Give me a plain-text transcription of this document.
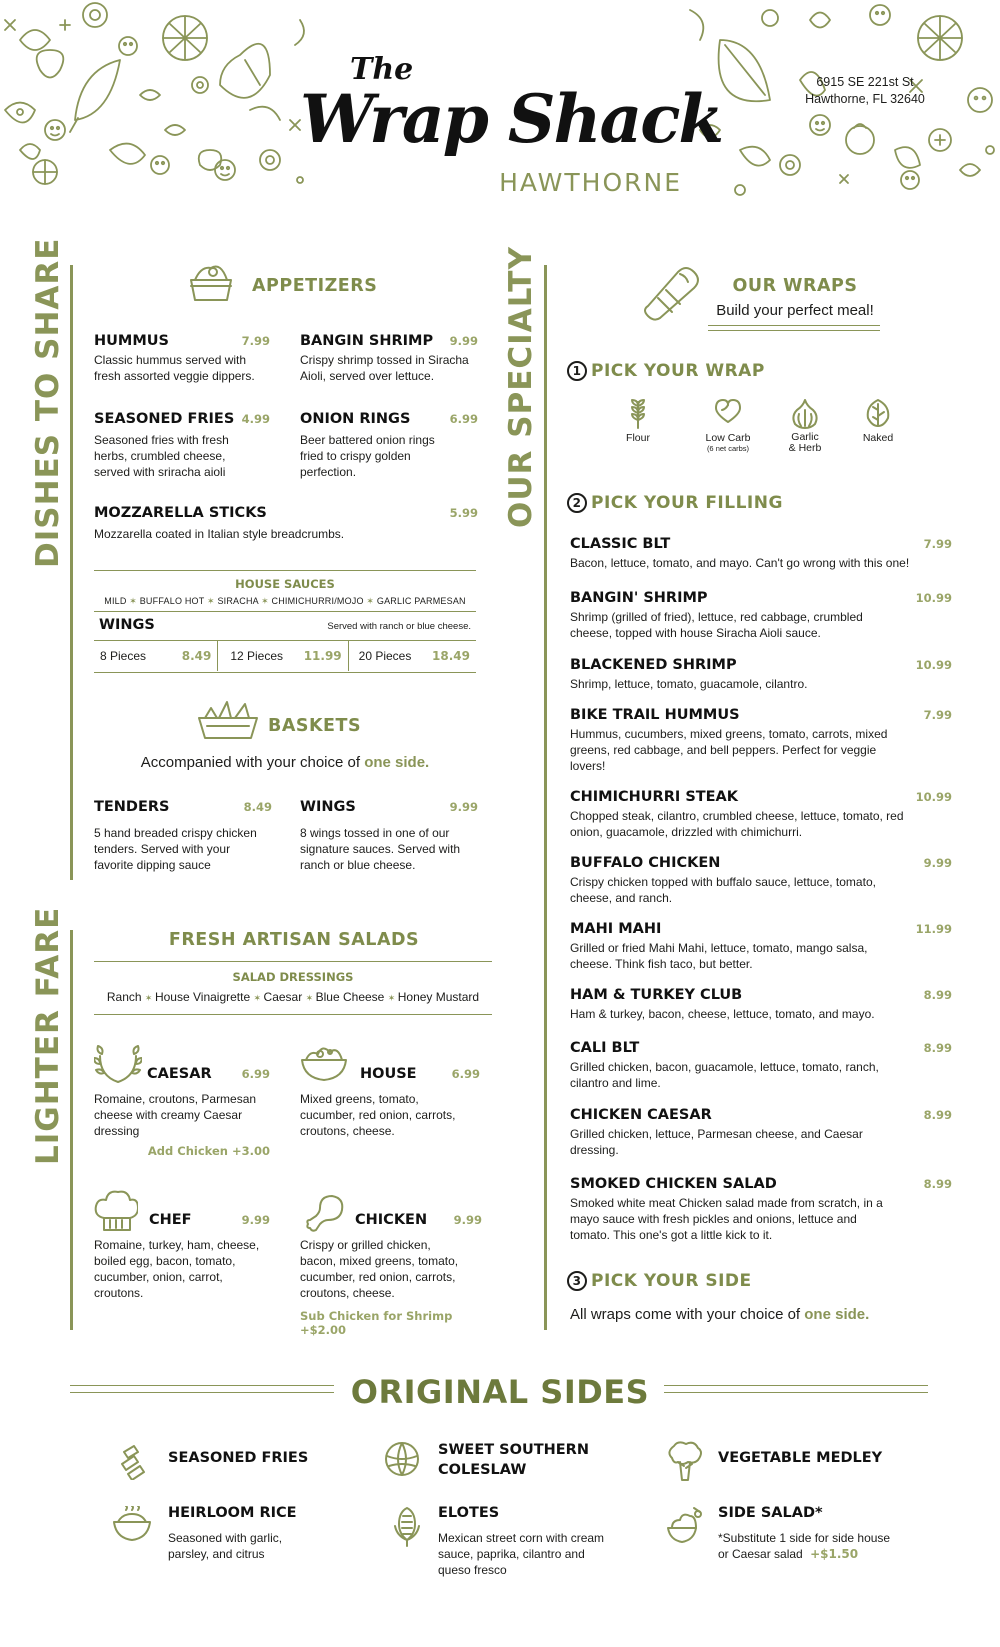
The
Wrap Shack
HAWTHORNE
6915 SE 221st St
Hawthorne, FL 32640
DISHES TO SHARE
LIGHTER FARE
APPETIZERS
HUMMUS	7.99
Classic hummus served with fresh assorted veggie dippers.
BANGIN SHRIMP 9.99
Crispy shrimp tossed in Siracha Aioli, served over lettuce.
SEASONED FRIES 4.99
Seasoned fries with fresh herbs, crumbled cheese, served with sriracha aioli
ONION RINGS	6.99
Beer battered onion rings fried to crispy golden perfection.
MOZZARELLA STICKS	5.99
Mozzarella coated in Italian style breadcrumbs.
HOUSE SAUCES
MILD ✶ BUFFALO HOT ✶ SIRACHA ✶ CHIMICHURRI/MOJO ✶ GARLIC PARMESAN
WINGS	Served with ranch or blue cheese.
8 Pieces	8.49 12 Pieces 11.99 20 Pieces 18.49
BASKETS
Accompanied with your choice of one side.
TENDERS	8.49
5 hand breaded crispy chicken tenders. Served with your favorite dipping sauce
WINGS	9.99
8 wings tossed in one of our signature sauces. Served with ranch or blue cheese.
FRESH ARTISAN SALADS
SALAD DRESSINGS
Ranch ✶ House Vinaigrette ✶ Caesar ✶ Blue Cheese ✶ Honey Mustard
CAESAR	6.99
Romaine, croutons, Parmesan cheese with creamy Caesar dressing
Add Chicken +3.00
HOUSE	6.99
Mixed greens, tomato, cucumber, red onion, carrots, croutons, cheese.
CHEF	9.99
Romaine, turkey, ham, cheese, boiled egg, bacon, tomato, cucumber, onion, carrot, croutons.
CHICKEN 9.99
Crispy or grilled chicken, bacon, mixed greens, tomato, cucumber, red onion, carrots, croutons, cheese.
Sub Chicken for Shrimp +$2.00
OUR SPECIALTY	OUR WRAPS
Build your perfect meal!
1 PICK YOUR WRAP
Flour	Low Carb
(6 net carbs)
Garlic
& Herb
Naked
2 PICK YOUR FILLING
CLASSIC BLT	7.99
Bacon, lettuce, tomato, and mayo. Can't go wrong with this one!
BANGIN' SHRIMP	10.99
Shrimp (grilled of fried), lettuce, red cabbage, crumbled cheese, topped with house Siracha Aioli sauce.
BLACKENED SHRIMP	10.99
Shrimp, lettuce, tomato, guacamole, cilantro.
BIKE TRAIL HUMMUS	7.99
Hummus, cucumbers, mixed greens, tomato, carrots, mixed greens, red cabbage, and bell peppers. Perfect for veggie lovers!
CHIMICHURRI STEAK	10.99
Chopped steak, cilantro, crumbled cheese, lettuce, tomato, red onion, guacamole, drizzled with chimichurri.
BUFFALO CHICKEN	9.99
Crispy chicken topped with buffalo sauce, lettuce, tomato, cheese, and ranch.
MAHI MAHI	11.99
Grilled or fried Mahi Mahi, lettuce, tomato, mango salsa, cheese. Think fish taco, but better.
HAM & TURKEY CLUB	8.99
Ham & turkey, bacon, cheese, lettuce, tomato, and mayo.
CALI BLT	8.99
Grilled chicken, bacon, guacamole, lettuce, tomato, ranch, cilantro and lime.
CHICKEN CAESAR	8.99
Grilled chicken, lettuce, Parmesan cheese, and Caesar dressing.
SMOKED CHICKEN SALAD	8.99
Smoked white meat Chicken salad made from scratch, in a mayo sauce with fresh pickles and onions, lettuce and tomato. This one's got a little kick to it.
3 PICK YOUR SIDE
All wraps come with your choice of one side.
ORIGINAL SIDES
SEASONED FRIES	SWEET SOUTHERN COLESLAW
VEGETABLE MEDLEY
HEIRLOOM RICE
Seasoned with garlic, parsley, and citrus
ELOTES
Mexican street corn with cream sauce, paprika, cilantro and queso fresco
SIDE SALAD*
*Substitute 1 side for side house or Caesar salad +$1.50
